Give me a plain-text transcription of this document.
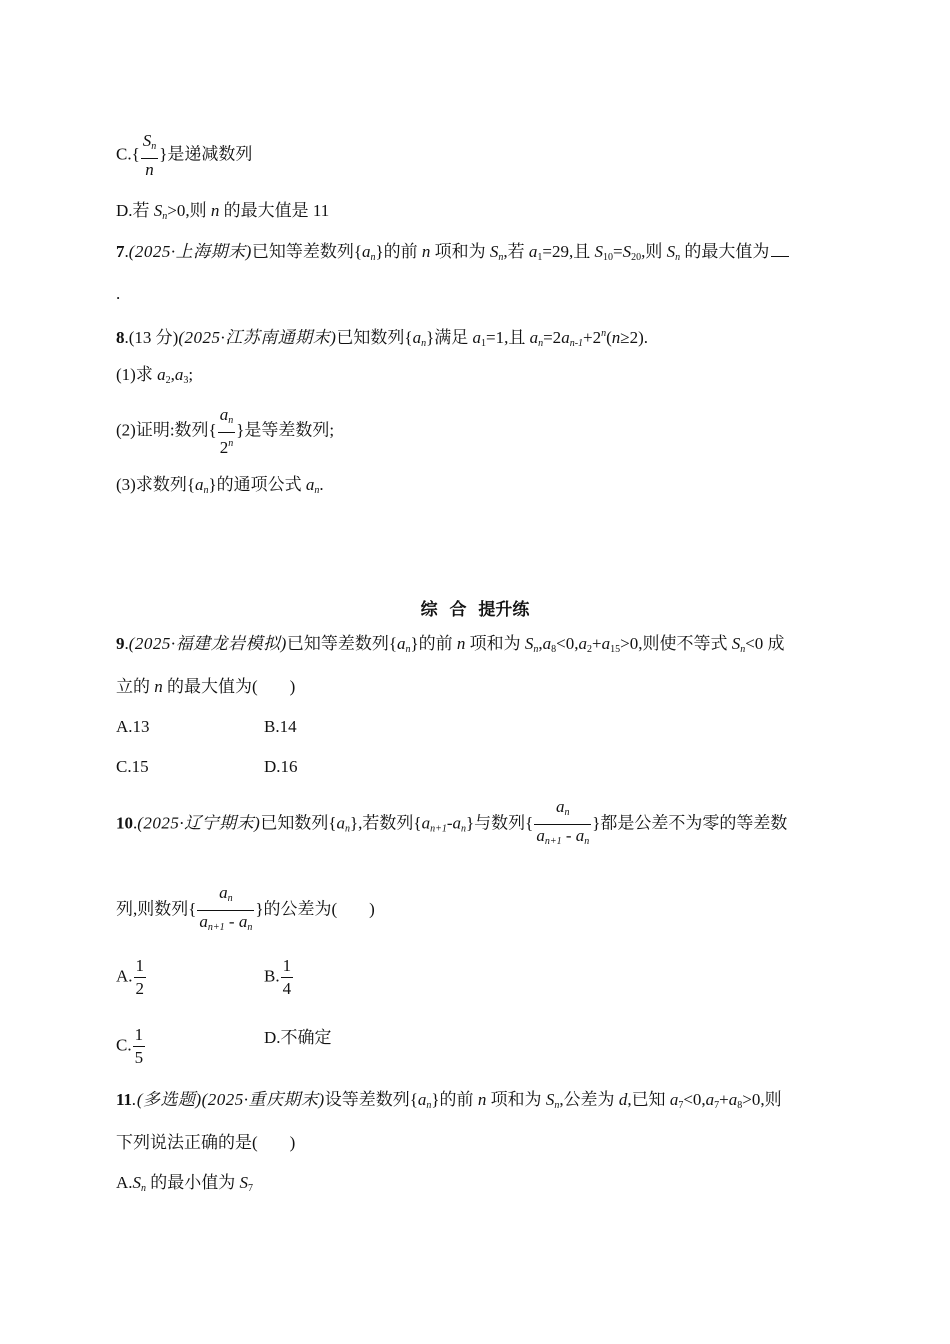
$C.\{ \frac{S_n}{n}$ }是递减数列
D.若 $S_n>0$,则 n 的最大值是 11
7.(2025·上海期末)已知等差数列$\{a_n\}$的前 n 项和为 $S_n$,若 $a_1=29$,且 $S_{10}=S_{20}$,则 $S_n$ 的最大值为
.
8.(13 分)(2025·江苏南通期末)已知数列$\{a_n\}$满足 $a_1=1$,且 $a_n=2a_{n-1}+2^n(n\ge 2)$.
(1)求 $a_2,a_3$;
(2)证明:数列{ $\frac{a_n}{2^n}$ }是等差数列;
(3)求数列$\{a_n\}$的通项公式 $a_n$.
综  合  提升练
9.(2025·福建龙岩模拟)已知等差数列$\{a_n\}$的前 n 项和为 $S_n,a_8<0,a_2+a_{15}>0$,则使不等式 $S_n<0$ 成
立的 n 的最大值为( )
A.13	B.14
C.15	D.16
10.(2025·辽宁期末)已知数列$\{a_n\}$,若数列$\{a_{n+1}-a_n\}$与数列{ $\frac{a_n}{a_{n+1} - a_n}$ }都是公差不为零的等差数
列,则数列{ $\frac{a_n}{a_{n+1} - a_n}$ }的公差为( )
A. $\frac{1}{2}$	B. $\frac{1}{4}$
C. $\frac{1}{5}$	D.不确定
11.(多选题)(2025·重庆期末)设等差数列$\{a_n\}$的前 n 项和为 $S_n$,公差为 d,已知 $a_7<0,a_7+a_8>0$,则
下列说法正确的是( )
$A.S_n$ 的最小值为 $S_7$
